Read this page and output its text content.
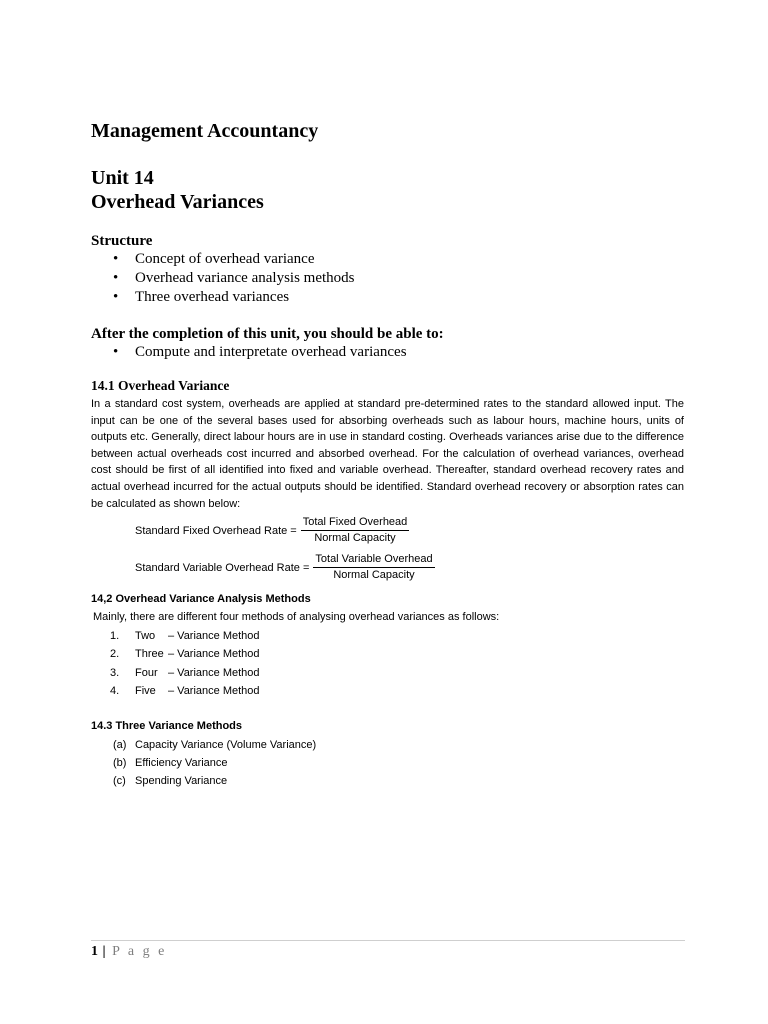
Management Accountancy
Unit 14
Overhead Variances
Structure
• Concept of overhead variance
• Overhead variance analysis methods
• Three overhead variances
After the completion of this unit, you should be able to:
• Compute and interpretate overhead variances
14.1 Overhead Variance

In a standard cost system, overheads are applied at standard pre-determined rates to the standard allowed input. The input can be one of the several bases used for absorbing overheads such as labour hours, machine hours, units of outputs etc. Generally, direct labour hours are in use in standard costing. Overheads variances arise due to the difference between actual overheads cost incurred and absorbed overhead. For the calculation of overhead variances, overhead cost should be first of all identified into fixed and variable overhead. Thereafter, standard overhead recovery rates and actual overhead incurred for the actual outputs should be identified. Standard overhead recovery or absorption rates can be calculated as shown below:

Standard Fixed Overhead Rate = $\frac{\text{Total Fixed Overhead}}{\text{Normal Capacity}}$
Standard Variable Overhead Rate = $\frac{\text{Total Variable Overhead}}{\text{Normal Capacity}}$
14,2 Overhead Variance Analysis Methods

Mainly, there are different four methods of analysing overhead variances as follows:

1.	Two – Variance Method
2.	Three – Variance Method
3.	Four – Variance Method
4.	Five – Variance Method
14.3 Three Variance Methods
(a) Capacity Variance (Volume Variance)
(b) Efficiency Variance
(c) Spending Variance
1 | P a g e
